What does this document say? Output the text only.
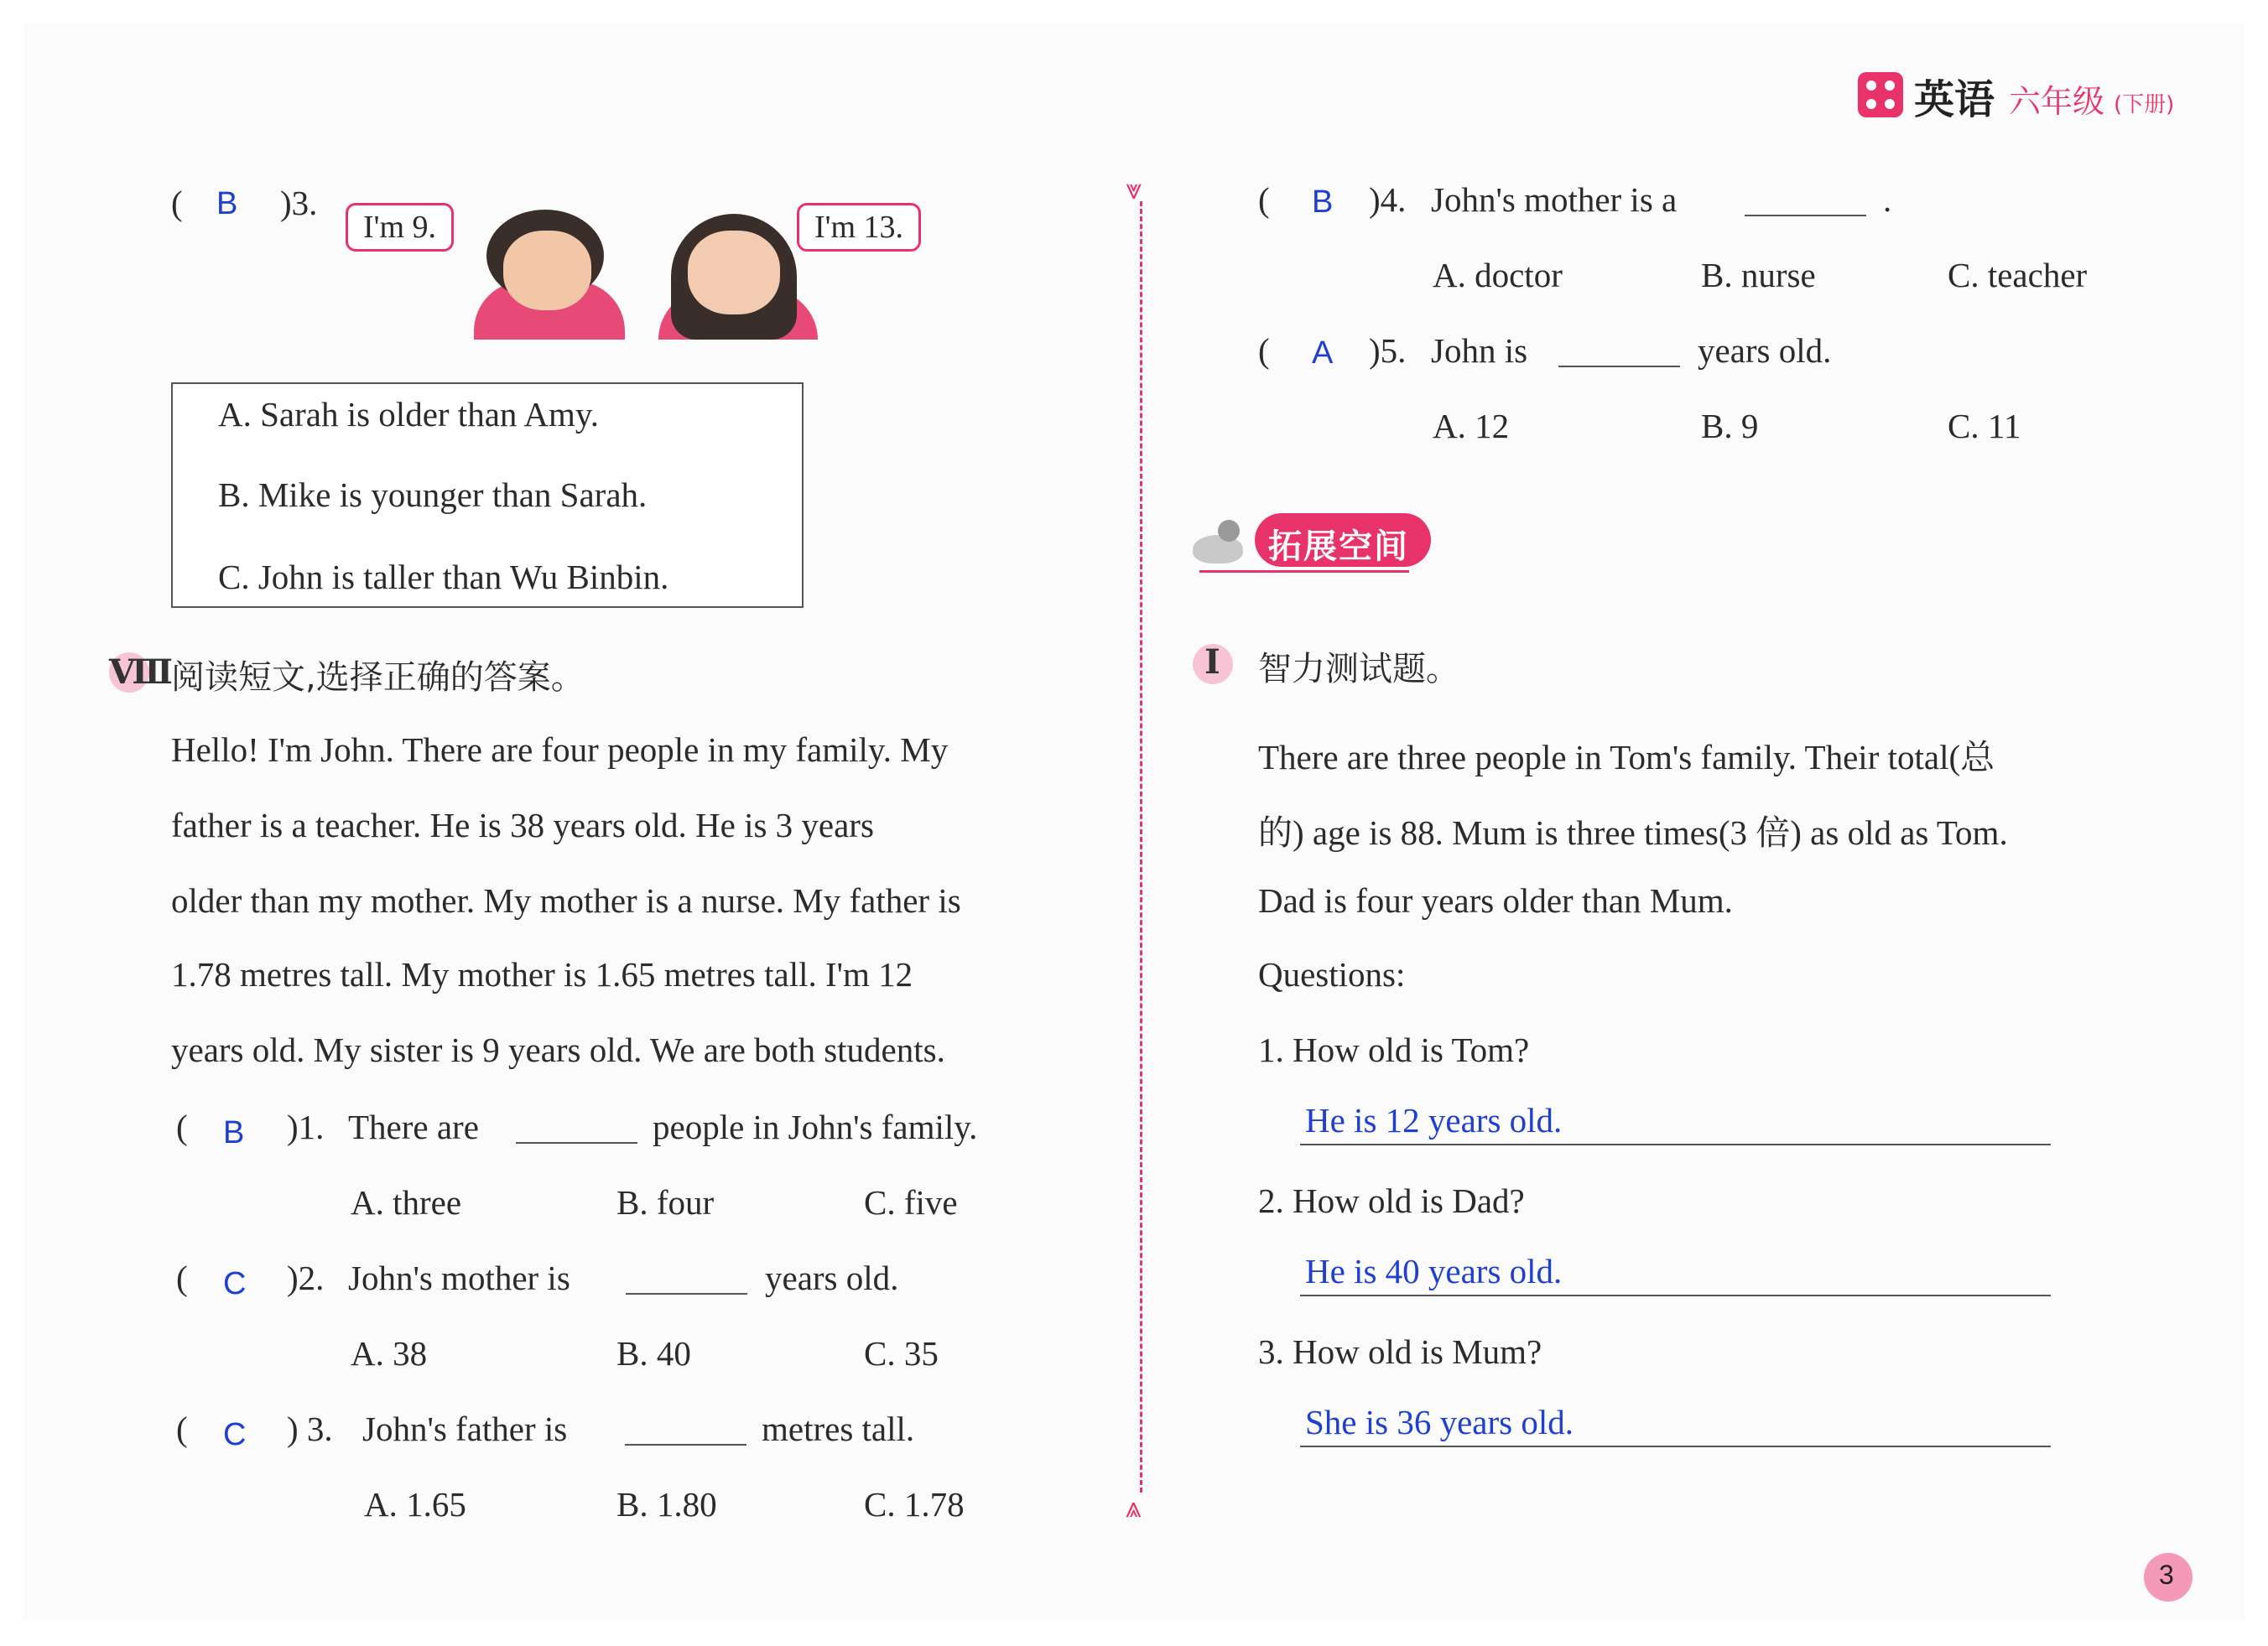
英语 六年级 (下册)
⩔
⩓
( B )3.
I'm 9.	I'm 13.
A. Sarah is older than Amy.
B. Mike is younger than Sarah.
C. John is taller than Wu Binbin.
Ⅷ
阅读短文,选择正确的答案。
Hello! I'm John. There are four people in my family. My
father is a teacher. He is 38 years old. He is 3 years
older than my mother. My mother is a nurse. My father is
1.78 metres tall. My mother is 1.65 metres tall. I'm 12
years old. My sister is 9 years old. We are both students.
( B )1. There are	people in John's family.
A. three	B. four	C. five
( C )2. John's mother is	years old.
A. 38	B. 40	C. 35
( C ) 3. John's father is	metres tall.
A. 1.65	B. 1.80	C. 1.78
( B )4. John's mother is a	.
A. doctor	B. nurse	C. teacher
( A )5. John is	years old.
A. 12	B. 9	C. 11
拓展空间
I 智力测试题。
There are three people in Tom's family. Their total(总
的) age is 88. Mum is three times(3 倍) as old as Tom.
Dad is four years older than Mum.
Questions:
1. How old is Tom?
He is 12 years old.
2. How old is Dad?
He is 40 years old.
3. How old is Mum?
She is 36 years old.
3
